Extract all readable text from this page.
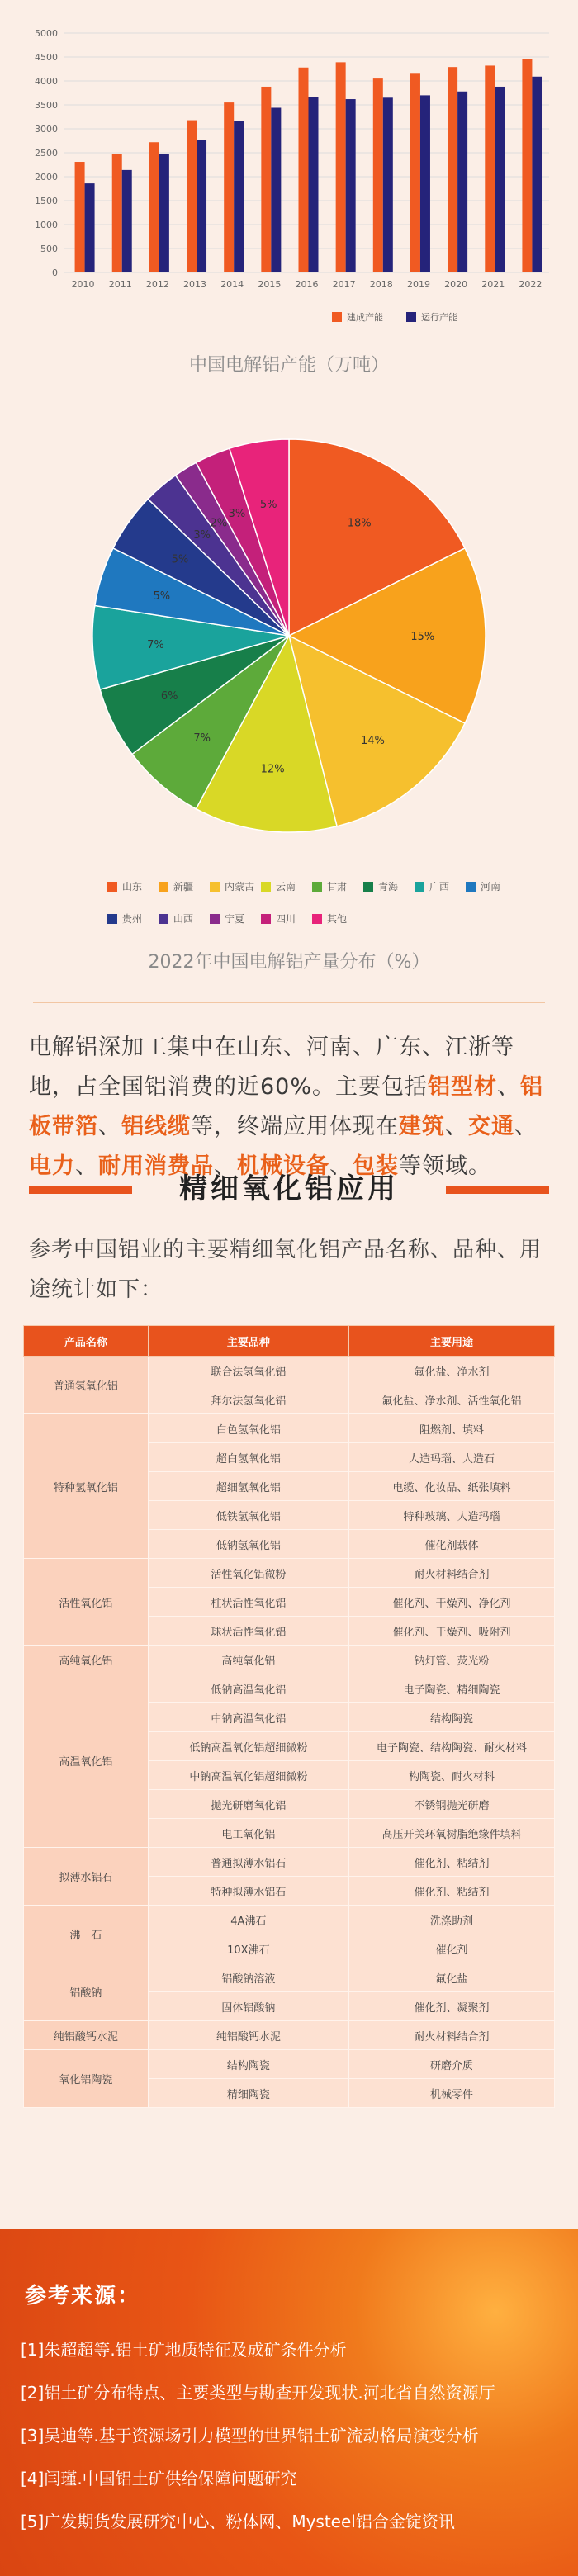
0
500
1000
1500
2000
2500
3000
3500
4000
4500
5000
2010 2011 2012 2013 2014 2015 2016 2017 2018 2019 2020 2021 2022
建成产能	运行产能
中国电解铝产能（万吨）
18%
15%
14%
12%
7%
6%
7%
5%
5%
3%
2%
3%
5%
山东	新疆	内蒙古 云南	甘肃	青海	广西	河南
贵州	山西	宁夏	四川	其他
2022年中国电解铝产量分布（%）
电解铝深加工集中在山东、河南、广东、江浙等地，占全国铝消费的近60%。主要包括铝型材、铝板带箔、铝线缆等，终端应用体现在建筑、交通、电力、耐用消费品、机械设备、包装等领域。
精细氧化铝应用
参考中国铝业的主要精细氧化铝产品名称、品种、用途统计如下：
产品名称	主要品种	主要用途
普通氢氧化铝	联合法氢氧化铝	氟化盐、净水剂
	拜尔法氢氧化铝	氟化盐、净水剂、活性氧化铝
特种氢氧化铝	白色氢氧化铝	阻燃剂、填料
	超白氢氧化铝	人造玛瑙、人造石
	超细氢氧化铝	电缆、化妆品、纸张填料
	低铁氢氧化铝	特种玻璃、人造玛瑙
	低钠氢氧化铝	催化剂载体
活性氧化铝	活性氧化铝微粉	耐火材料结合剂
	柱状活性氧化铝	催化剂、干燥剂、净化剂
	球状活性氧化铝	催化剂、干燥剂、吸附剂
高纯氧化铝	高纯氧化铝	钠灯管、荧光粉
高温氧化铝	低钠高温氧化铝	电子陶瓷、精细陶瓷
	中钠高温氧化铝	结构陶瓷
	低钠高温氧化铝超细微粉	电子陶瓷、结构陶瓷、耐火材料
	中钠高温氧化铝超细微粉	构陶瓷、耐火材料
	抛光研磨氧化铝	不锈钢抛光研磨
	电工氧化铝	高压开关环氧树脂绝缘件填料
拟薄水铝石	普通拟薄水铝石	催化剂、粘结剂
	特种拟薄水铝石	催化剂、粘结剂
沸　石	4A沸石	洗涤助剂
	10X沸石	催化剂
铝酸钠	铝酸钠溶液	氟化盐
	固体铝酸钠	催化剂、凝聚剂
纯铝酸钙水泥	纯铝酸钙水泥	耐火材料结合剂
氧化铝陶瓷	结构陶瓷	研磨介质
	精细陶瓷	机械零件
参考来源：
[1]朱超超等.铝土矿地质特征及成矿条件分析
[2]铝土矿分布特点、主要类型与勘查开发现状.河北省自然资源厅
[3]吴迪等.基于资源场引力模型的世界铝土矿流动格局演变分析
[4]闫瑾.中国铝土矿供给保障问题研究
[5]广发期货发展研究中心、粉体网、Mysteel铝合金锭资讯
